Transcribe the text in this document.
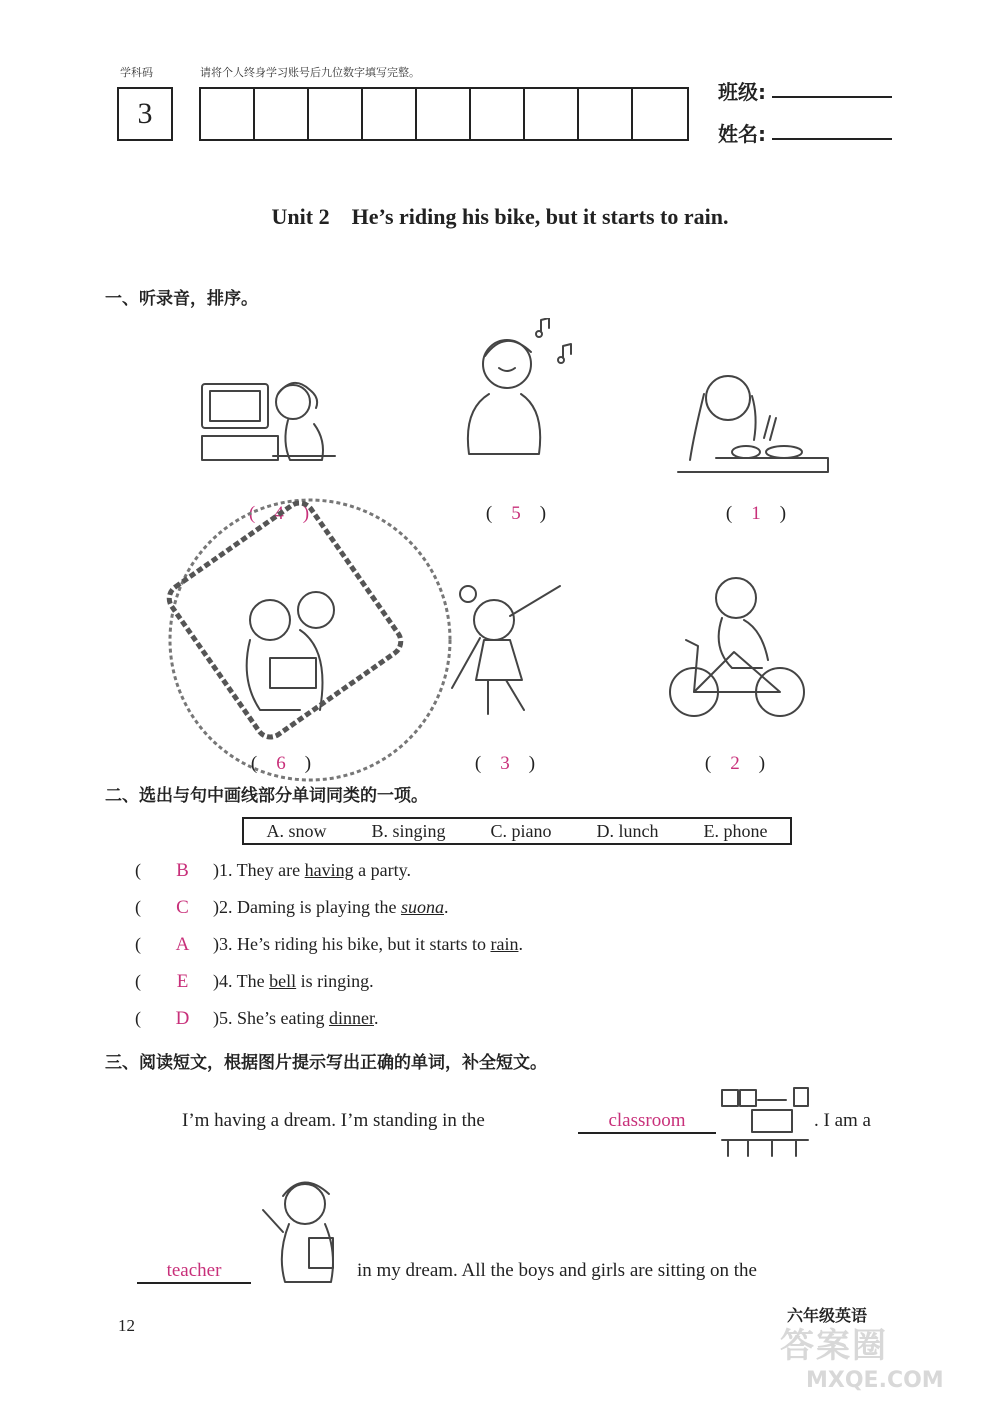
学科码	请将个人终身学习账号后九位数字填写完整。
3
班级:
姓名:
Unit 2　He’s riding his bike, but it starts to rain.
一、听录音，排序。
(　4　)	(　 5　 )	(　 1　 )
(　 6　 )	(　 3　 )	(　 2　 )
二、选出与句中画线部分单词同类的一项。
A. snow B. singing C. piano D. lunch E. phone
(	B	)1. They are having a party.
(	C	)2. Daming is playing the suona.
(	A	)3. He’s riding his bike, but it starts to rain.
(	E	)4. The bell is ringing.
(	D	)5. She’s eating dinner.
三、阅读短文，根据图片提示写出正确的单词，补全短文。
I’m having a dream. I’m standing in the	classroom	. I am a
teacher	in my dream. All the boys and girls are sitting on the
12
六年级英语
答案圈
MXQE.COM
